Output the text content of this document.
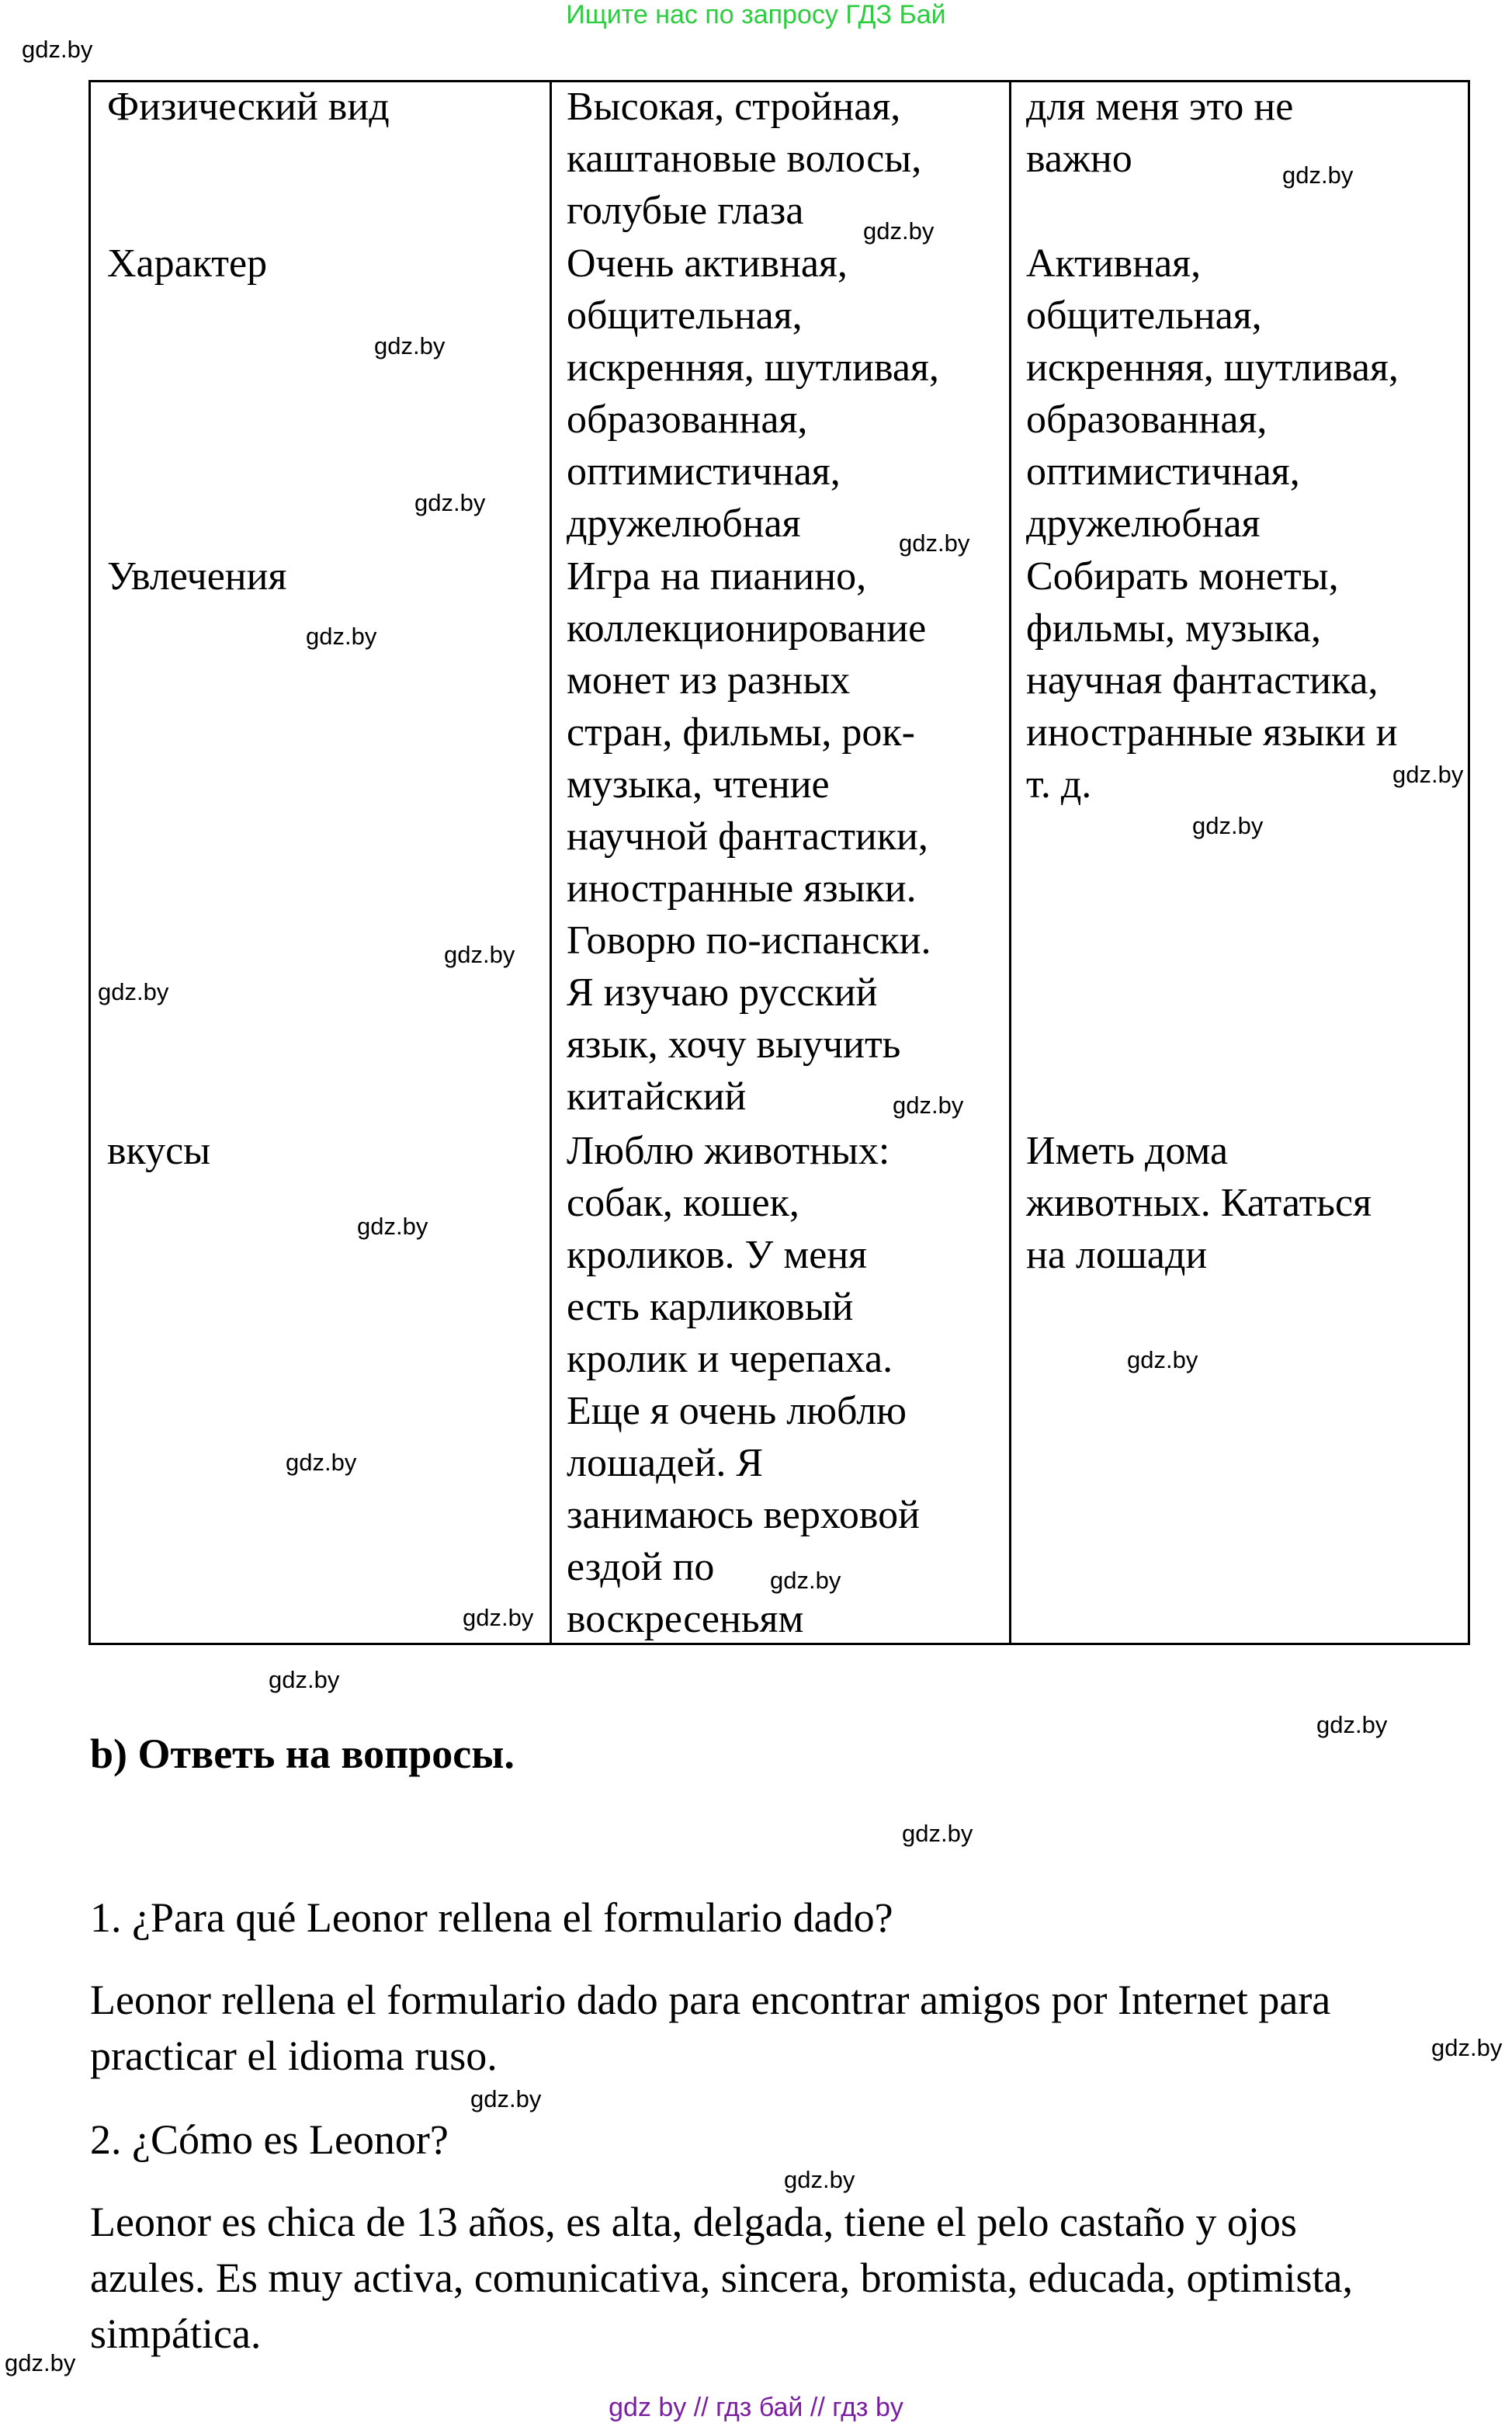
Ищите нас по запросу ГДЗ Бай
gdz.by
gdz.by
gdz.by
gdz.by
gdz.by
gdz.by
gdz.by
gdz.by
gdz.by
gdz.by
gdz.by
gdz.by
gdz.by
gdz.by
gdz.by
gdz.by
gdz.by
gdz.by
gdz.by
gdz.by
gdz.by
gdz.by
gdz.by
gdz.by
Физический вид
Характер
Увлечения
вкусы
Высокая, стройная,
каштановые волосы,
голубые глаза
Очень активная,
общительная,
искренняя, шутливая,
образованная,
оптимистичная,
дружелюбная
Игра на пианино,
коллекционирование
монет из разных
стран, фильмы, рок-
музыка, чтение
научной фантастики,
иностранные языки.
Говорю по-испански.
Я изучаю русский
язык, хочу выучить
китайский
Люблю животных:
собак, кошек,
кроликов. У меня
есть карликовый
кролик и черепаха.
Еще я очень люблю
лошадей. Я
занимаюсь верховой
ездой по
воскресеньям
для меня это не
важно
Активная,
общительная,
искренняя, шутливая,
образованная,
оптимистичная,
дружелюбная
Собирать монеты,
фильмы, музыка,
научная фантастика,
иностранные языки и
т. д.
Иметь дома
животных. Кататься
на лошади
b) Ответь на вопросы.
1. ¿Para qué Leonor rellena el formulario dado?
Leonor rellena el formulario dado para encontrar amigos por Internet para
practicar el idioma ruso.
2. ¿Cómo es Leonor?
Leonor es chica de 13 años, es alta, delgada, tiene el pelo castaño y ojos
azules. Es muy activa, comunicativa, sincera, bromista, educada, optimista,
simpática.
gdz by // гдз бай // гдз by
